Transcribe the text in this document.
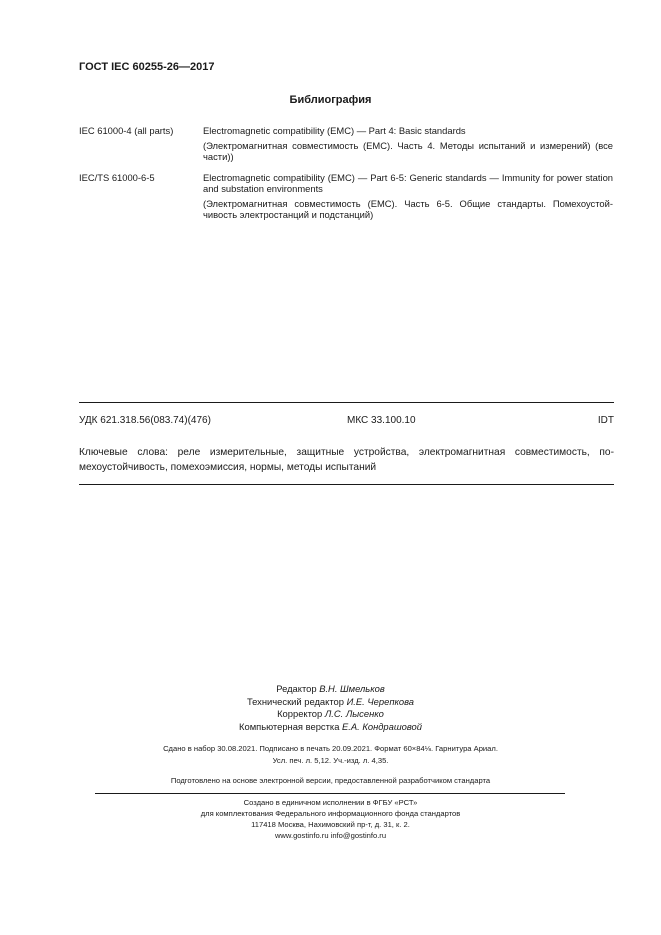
ГОСТ IEC 60255-26—2017
Библиография
IEC 61000-4 (all parts)	Electromagnetic compatibility (EMC) — Part 4: Basic standards
(Электромагнитная совместимость (ЕМС). Часть 4. Методы испытаний и измерений) (все части))
IEC/TS 61000-6-5	Electromagnetic compatibility (EMC) — Part 6-5: Generic standards — Immunity for power station and substation environments
(Электромагнитная совместимость (ЕМС). Часть 6-5. Общие стандарты. Помехоустой-чивость электростанций и подстанций)
УДК 621.318.56(083.74)(476)	МКС 33.100.10	IDT
Ключевые слова: реле измерительные, защитные устройства, электромагнитная совместимость, по-мехоустойчивость, помехоэмиссия, нормы, методы испытаний
Редактор В.Н. Шмельков
Технический редактор И.Е. Черепкова
Корректор Л.С. Лысенко
Компьютерная верстка Е.А. Кондрашовой
Сдано в набор 30.08.2021. Подписано в печать 20.09.2021. Формат 60×84⅛. Гарнитура Ариал.
Усл. печ. л. 5,12. Уч.-изд. л. 4,35.
Подготовлено на основе электронной версии, предоставленной разработчиком стандарта
Создано в единичном исполнении в ФГБУ «РСТ»
для комплектования Федерального информационного фонда стандартов
117418 Москва, Нахимовский пр-т, д. 31, к. 2.
www.gostinfo.ru info@gostinfo.ru
